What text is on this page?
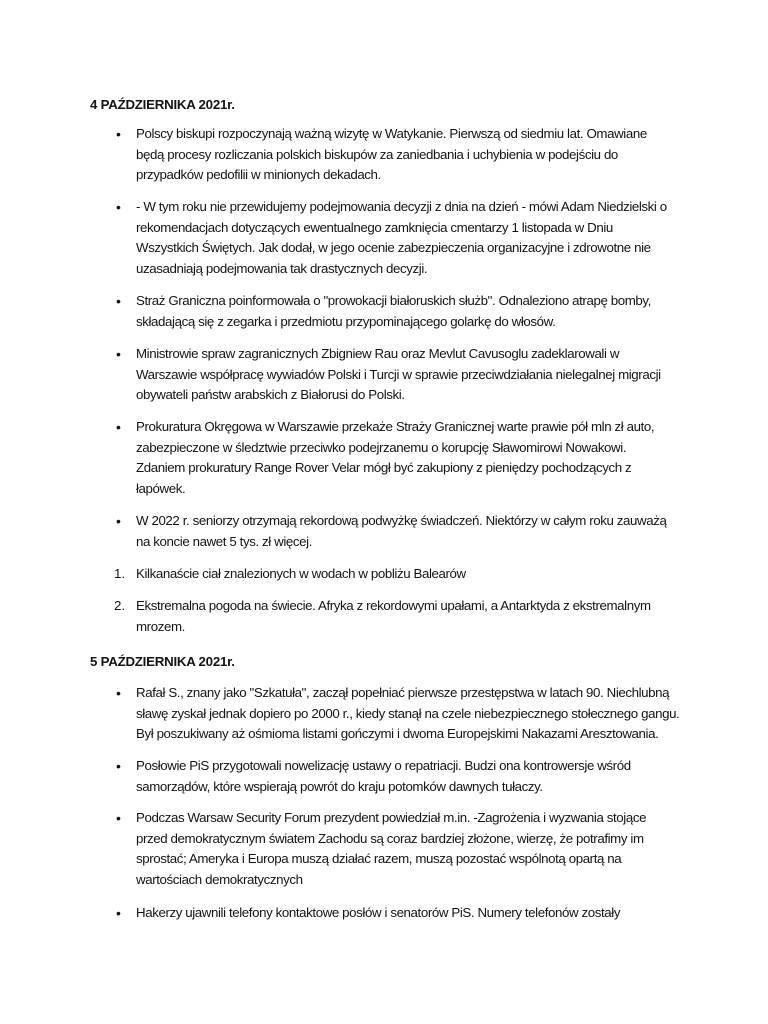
4 PAŹDZIERNIKA 2021r.
• Polscy biskupi rozpoczynają ważną wizytę w Watykanie. Pierwszą od siedmiu lat. Omawiane
będą procesy rozliczania polskich biskupów za zaniedbania i uchybienia w podejściu do
przypadków pedofilii w minionych dekadach.
• - W tym roku nie przewidujemy podejmowania decyzji z dnia na dzień - mówi Adam Niedzielski o
rekomendacjach dotyczących ewentualnego zamknięcia cmentarzy 1 listopada w Dniu
Wszystkich Świętych. Jak dodał, w jego ocenie zabezpieczenia organizacyjne i zdrowotne nie
uzasadniają podejmowania tak drastycznych decyzji.
• Straż Graniczna poinformowała o "prowokacji białoruskich służb". Odnaleziono atrapę bomby,
składającą się z zegarka i przedmiotu przypominającego golarkę do włosów.
• Ministrowie spraw zagranicznych Zbigniew Rau oraz Mevlut Cavusoglu zadeklarowali w
Warszawie współpracę wywiadów Polski i Turcji w sprawie przeciwdziałania nielegalnej migracji
obywateli państw arabskich z Białorusi do Polski.
• Prokuratura Okręgowa w Warszawie przekaże Straży Granicznej warte prawie pół mln zł auto,
zabezpieczone w śledztwie przeciwko podejrzanemu o korupcję Sławomirowi Nowakowi.
Zdaniem prokuratury Range Rover Velar mógł być zakupiony z pieniędzy pochodzących z
łapówek.
• W 2022 r. seniorzy otrzymają rekordową podwyżkę świadczeń. Niektórzy w całym roku zauważą
na koncie nawet 5 tys. zł więcej.
1. Kilkanaście ciał znalezionych w wodach w pobliżu Balearów
2. Ekstremalna pogoda na świecie. Afryka z rekordowymi upałami, a Antarktyda z ekstremalnym
mrozem.
5 PAŹDZIERNIKA 2021r.
• Rafał S., znany jako "Szkatuła", zaczął popełniać pierwsze przestępstwa w latach 90. Niechlubną
sławę zyskał jednak dopiero po 2000 r., kiedy stanął na czele niebezpiecznego stołecznego gangu.
Był poszukiwany aż ośmioma listami gończymi i dwoma Europejskimi Nakazami Aresztowania.
• Posłowie PiS przygotowali nowelizację ustawy o repatriacji. Budzi ona kontrowersje wśród
samorządów, które wspierają powrót do kraju potomków dawnych tułaczy.
• Podczas Warsaw Security Forum prezydent powiedział m.in. -Zagrożenia i wyzwania stojące
przed demokratycznym światem Zachodu są coraz bardziej złożone, wierzę, że potrafimy im
sprostać; Ameryka i Europa muszą działać razem, muszą pozostać wspólnotą opartą na
wartościach demokratycznych
• Hakerzy ujawnili telefony kontaktowe posłów i senatorów PiS. Numery telefonów zostały
